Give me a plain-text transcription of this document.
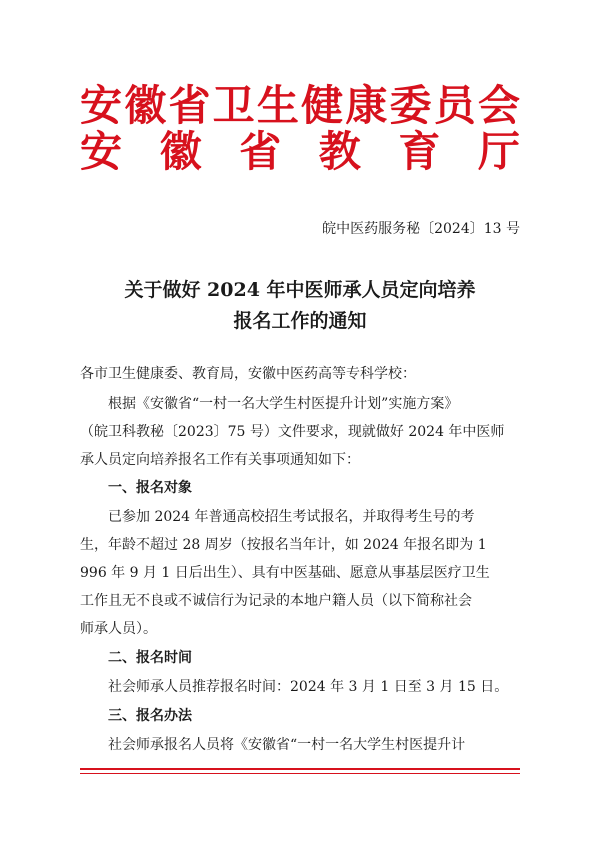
安 徽 省 卫 生 健 康 委 员 会
安 徽 省 教 育 厅
皖中医药服务秘〔2024〕13 号
关于做好 2024 年中医师承人员定向培养
报名工作的通知
各市卫生健康委、教育局，安徽中医药高等专科学校：
根据《安徽省“一村一名大学生村医提升计划”实施方案》
（皖卫科教秘〔2023〕75 号）文件要求，现就做好 2024 年中医师
承人员定向培养报名工作有关事项通知如下：
一、报名对象
已参加 2024 年普通高校招生考试报名，并取得考生号的考
生，年龄不超过 28 周岁（按报名当年计，如 2024 年报名即为 1
996 年 9 月 1 日后出生）、具有中医基础、愿意从事基层医疗卫生
工作且无不良或不诚信行为记录的本地户籍人员（以下简称社会
师承人员）。
二、报名时间
社会师承人员推荐报名时间：2024 年 3 月 1 日至 3 月 15 日。
三、报名办法
社会师承报名人员将《安徽省“一村一名大学生村医提升计
